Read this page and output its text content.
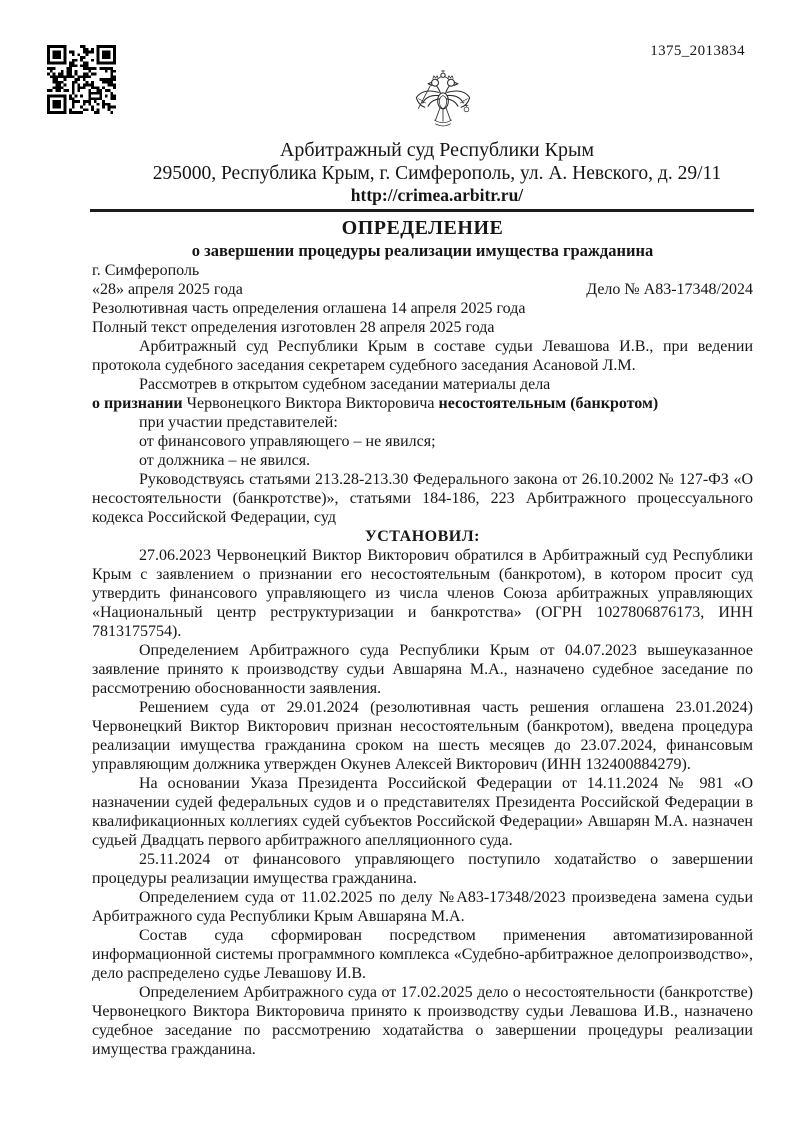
1375_2013834
Арбитражный суд Республики Крым
295000, Республика Крым, г. Симферополь, ул. А. Невского, д. 29/11
http://crimea.arbitr.ru/
ОПРЕДЕЛЕНИЕ
о завершении процедуры реализации имущества гражданина

г. Симферополь

«28» апреля 2025 года	Дело № А83-17348/2024

Резолютивная часть определения оглашена 14 апреля 2025 года

Полный текст определения изготовлен 28 апреля 2025 года

Арбитражный суд Республики Крым в составе судьи Левашова И.В., при ведении протокола судебного заседания секретарем судебного заседания Асановой Л.М.

Рассмотрев в открытом судебном заседании материалы дела

о признании Червонецкого Виктора Викторовича несостоятельным (банкротом)

при участии представителей:

от финансового управляющего – не явился;

от должника – не явился.

Руководствуясь статьями 213.28-213.30 Федерального закона от 26.10.2002 № 127-ФЗ «О несостоятельности (банкротстве)», статьями 184-186, 223 Арбитражного процессуального кодекса Российской Федерации, суд

УСТАНОВИЛ:

27.06.2023 Червонецкий Виктор Викторович обратился в Арбитражный суд Республики Крым с заявлением о признании его несостоятельным (банкротом), в котором просит суд утвердить финансового управляющего из числа членов Союза арбитражных управляющих «Национальный центр реструктуризации и банкротства» (ОГРН 1027806876173, ИНН 7813175754).

Определением Арбитражного суда Республики Крым от 04.07.2023 вышеуказанное заявление принято к производству судьи Авшаряна М.А., назначено судебное заседание по рассмотрению обоснованности заявления.

Решением суда от 29.01.2024 (резолютивная часть решения оглашена 23.01.2024) Червонецкий Виктор Викторович признан несостоятельным (банкротом), введена процедура реализации имущества гражданина сроком на шесть месяцев до 23.07.2024, финансовым управляющим должника утвержден Окунев Алексей Викторович (ИНН 132400884279).

На основании Указа Президента Российской Федерации от 14.11.2024 № 981 «О назначении судей федеральных судов и о представителях Президента Российской Федерации в квалификационных коллегиях судей субъектов Российской Федерации» Авшарян М.А. назначен судьей Двадцать первого арбитражного апелляционного суда.

25.11.2024 от финансового управляющего поступило ходатайство о завершении процедуры реализации имущества гражданина.

Определением суда от 11.02.2025 по делу №А83-17348/2023 произведена замена судьи Арбитражного суда Республики Крым Авшаряна М.А.

Состав суда сформирован посредством применения автоматизированной информационной системы программного комплекса «Судебно-арбитражное делопроизводство», дело распределено судье Левашову И.В.

Определением Арбитражного суда от 17.02.2025 дело о несостоятельности (банкротстве) Червонецкого Виктора Викторовича принято к производству судьи Левашова И.В., назначено судебное заседание по рассмотрению ходатайства о завершении процедуры реализации имущества гражданина.
